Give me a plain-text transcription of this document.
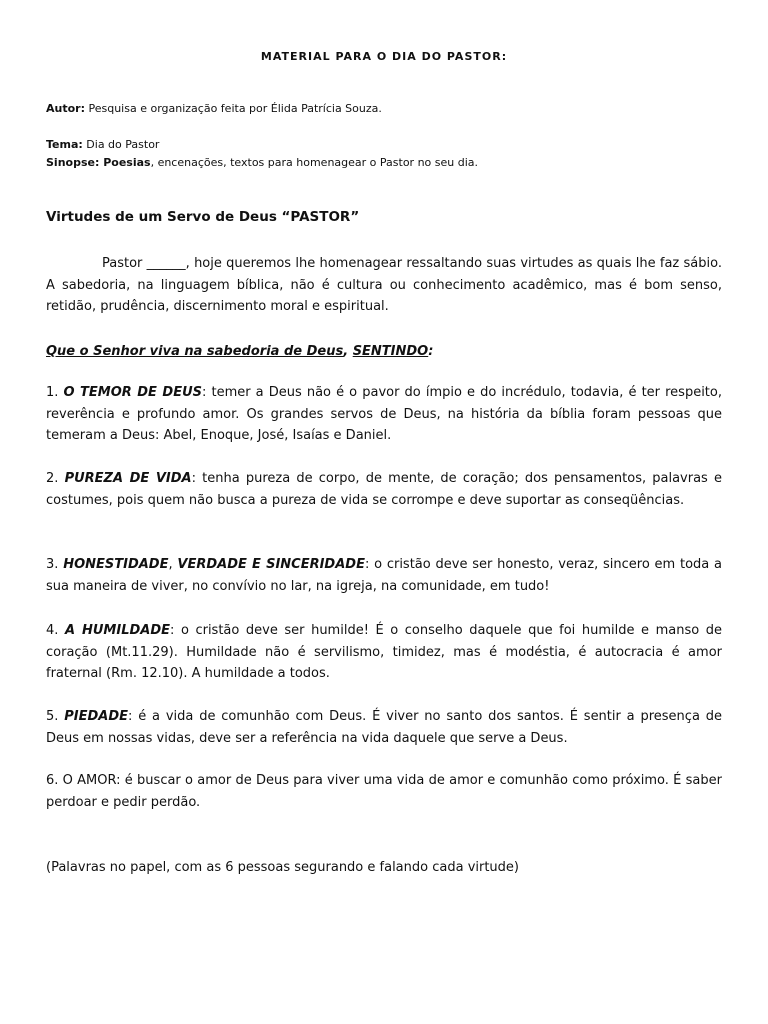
MATERIAL PARA O DIA DO PASTOR:
Autor: Pesquisa e organização feita por Élida Patrícia Souza.
Tema: Dia do Pastor
Sinopse: Poesias, encenações, textos para homenagear o Pastor no seu dia.
Virtudes de um Servo de Deus “PASTOR”
Pastor ______, hoje queremos lhe homenagear ressaltando suas virtudes as quais lhe faz sábio. A sabedoria, na linguagem bíblica, não é cultura ou conhecimento acadêmico, mas é bom senso, retidão, prudência, discernimento moral e espiritual.
Que o Senhor viva na sabedoria de Deus, SENTINDO:
1. O TEMOR DE DEUS: temer a Deus não é o pavor do ímpio e do incrédulo, todavia, é ter respeito, reverência e profundo amor. Os grandes servos de Deus, na história da bíblia foram pessoas que temeram a Deus: Abel, Enoque, José, Isaías e Daniel.
2. PUREZA DE VIDA: tenha pureza de corpo, de mente, de coração; dos pensamentos, palavras e costumes, pois quem não busca a pureza de vida se corrompe e deve suportar as conseqüências.
3. HONESTIDADE, VERDADE E SINCERIDADE: o cristão deve ser honesto, veraz, sincero em toda a sua maneira de viver, no convívio no lar, na igreja, na comunidade, em tudo!
4. A HUMILDADE: o cristão deve ser humilde! É o conselho daquele que foi humilde e manso de coração (Mt.11.29). Humildade não é servilismo, timidez, mas é modéstia, é autocracia é amor fraternal (Rm. 12.10). A humildade a todos.
5. PIEDADE: é a vida de comunhão com Deus. É viver no santo dos santos. É sentir a presença de Deus em nossas vidas, deve ser a referência na vida daquele que serve a Deus.
6. O AMOR: é buscar o amor de Deus para viver uma vida de amor e comunhão como próximo. É saber perdoar e pedir perdão.
(Palavras no papel, com as 6 pessoas segurando e falando cada virtude)
